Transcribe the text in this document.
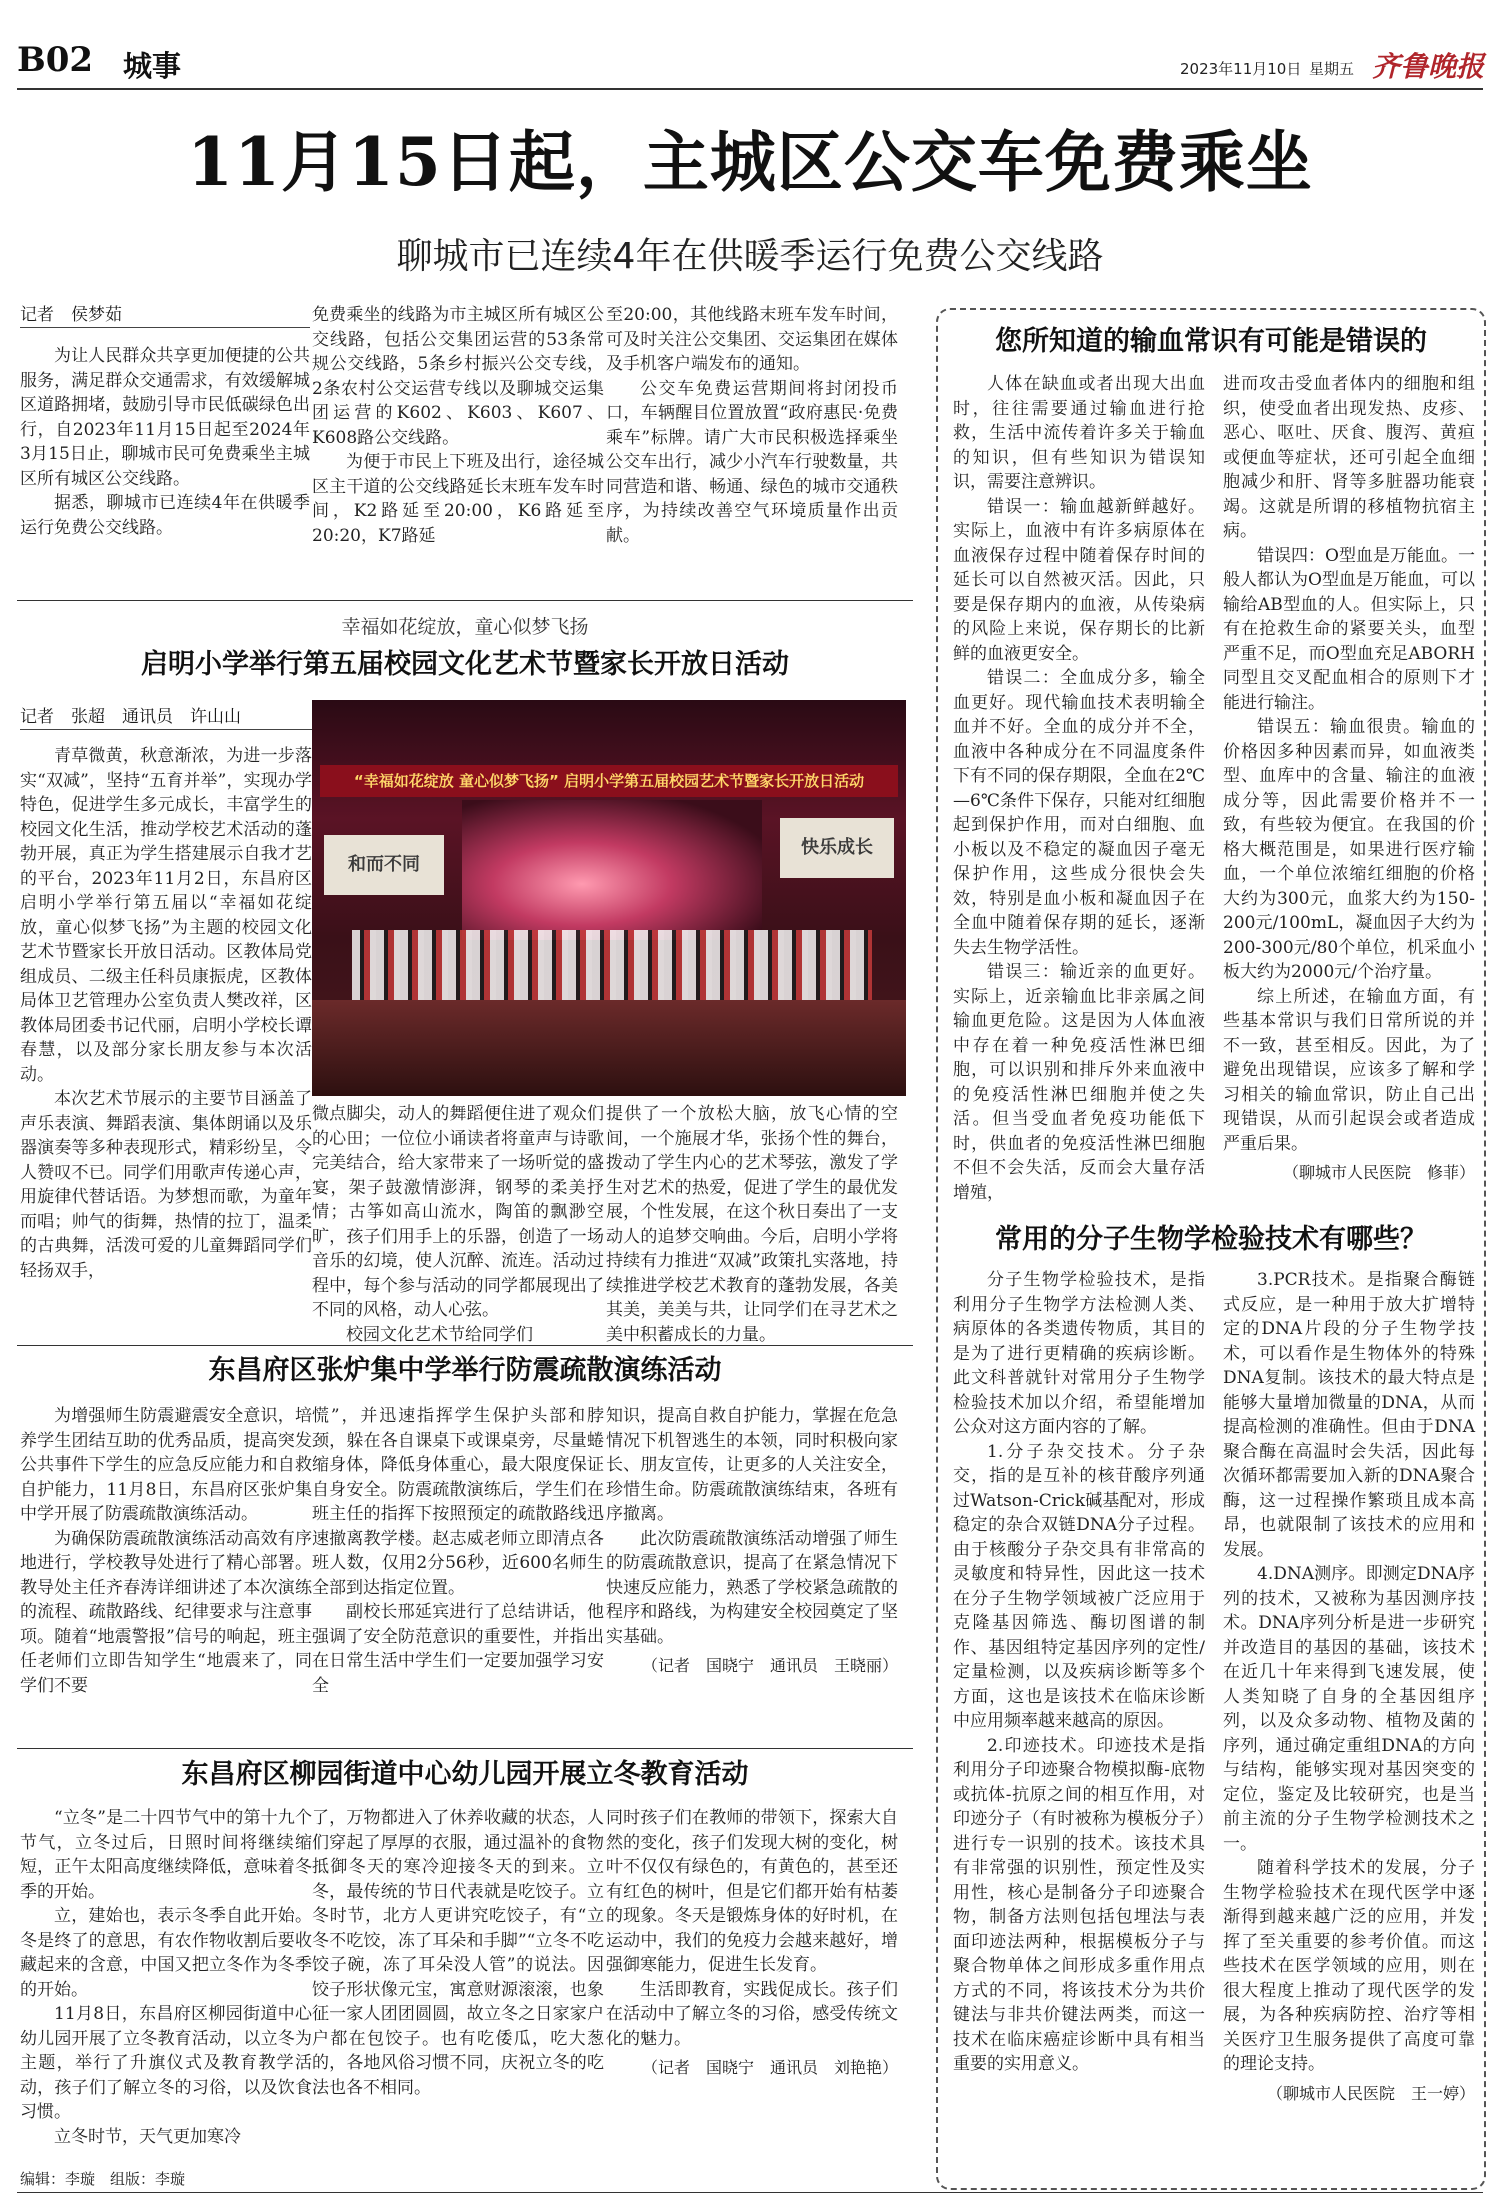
B02 城事	2023年11月10日 星期五 齐鲁晚报
11月15日起，主城区公交车免费乘坐
聊城市已连续4年在供暖季运行免费公交线路
记者　侯梦茹

为让人民群众共享更加便捷的公共服务，满足群众交通需求，有效缓解城区道路拥堵，鼓励引导市民低碳绿色出行，自2023年11月15日起至2024年3月15日止，聊城市民可免费乘坐主城区所有城区公交线路。

据悉，聊城市已连续4年在供暖季运行免费公交线路。

免费乘坐的线路为市主城区所有城区公交线路，包括公交集团运营的53条常规公交线路，5条乡村振兴公交专线，2条农村公交运营专线以及聊城交运集团运营的K602、K603、K607、K608路公交线路。

为便于市民上下班及出行，途径城区主干道的公交线路延长末班车发车时间，K2路延至20:00，K6路延至20:20，K7路延

至20:00，其他线路末班车发车时间，可及时关注公交集团、交运集团在媒体及手机客户端发布的通知。

公交车免费运营期间将封闭投币口，车辆醒目位置放置“政府惠民·免费乘车”标牌。请广大市民积极选择乘坐公交车出行，减少小汽车行驶数量，共同营造和谐、畅通、绿色的城市交通秩序，为持续改善空气环境质量作出贡献。

幸福如花绽放，童心似梦飞扬
启明小学举行第五届校园文化艺术节暨家长开放日活动
记者　张超　通讯员　许山山
“幸福如花绽放 童心似梦飞扬” 启明小学第五届校园艺术节暨家长开放日活动
和而不同
快乐成长

青草微黄，秋意渐浓，为进一步落实“双减”，坚持“五育并举”，实现办学特色，促进学生多元成长，丰富学生的校园文化生活，推动学校艺术活动的蓬勃开展，真正为学生搭建展示自我才艺的平台，2023年11月2日，东昌府区启明小学举行第五届以“幸福如花绽放，童心似梦飞扬”为主题的校园文化艺术节暨家长开放日活动。区教体局党组成员、二级主任科员康振虎，区教体局体卫艺管理办公室负责人樊改祥，区教体局团委书记代丽，启明小学校长谭春慧，以及部分家长朋友参与本次活动。

本次艺术节展示的主要节目涵盖了声乐表演、舞蹈表演、集体朗诵以及乐器演奏等多种表现形式，精彩纷呈，令人赞叹不已。同学们用歌声传递心声，用旋律代替话语。为梦想而歌，为童年而唱；帅气的街舞，热情的拉丁，温柔的古典舞，活泼可爱的儿童舞蹈同学们轻扬双手，

微点脚尖，动人的舞蹈便住进了观众们的心田；一位位小诵读者将童声与诗歌完美结合，给大家带来了一场听觉的盛宴，架子鼓激情澎湃，钢琴的柔美抒情；古筝如高山流水，陶笛的飘渺空旷，孩子们用手上的乐器，创造了一场音乐的幻境，使人沉醉、流连。活动过程中，每个参与活动的同学都展现出了不同的风格，动人心弦。

校园文化艺术节给同学们

提供了一个放松大脑，放飞心情的空间，一个施展才华，张扬个性的舞台，拨动了学生内心的艺术琴弦，激发了学生对艺术的热爱，促进了学生的最优发展，个性发展，在这个秋日奏出了一支动人的追梦交响曲。今后，启明小学将持续有力推进“双减”政策扎实落地，持续推进学校艺术教育的蓬勃发展，各美其美，美美与共，让同学们在寻艺术之美中积蓄成长的力量。

东昌府区张炉集中学举行防震疏散演练活动

为增强师生防震避震安全意识，培养学生团结互助的优秀品质，提高突发公共事件下学生的应急反应能力和自救自护能力，11月8日，东昌府区张炉集中学开展了防震疏散演练活动。

为确保防震疏散演练活动高效有序地进行，学校教导处进行了精心部署。教导处主任齐春涛详细讲述了本次演练的流程、疏散路线、纪律要求与注意事项。随着“地震警报”信号的响起，班主任老师们立即告知学生“地震来了，同学们不要

慌”，并迅速指挥学生保护头部和脖颈，躲在各自课桌下或课桌旁，尽量蜷缩身体，降低身体重心，最大限度保证自身安全。防震疏散演练后，学生们在班主任的指挥下按照预定的疏散路线迅速撤离教学楼。赵志威老师立即清点各班人数，仅用2分56秒，近600名师生全部到达指定位置。

副校长邢延宾进行了总结讲话，他强调了安全防范意识的重要性，并指出在日常生活中学生们一定要加强学习安全

知识，提高自救自护能力，掌握在危急情况下机智逃生的本领，同时积极向家长、朋友宣传，让更多的人关注安全，珍惜生命。防震疏散演练结束，各班有序撤离。

此次防震疏散演练活动增强了师生的防震疏散意识，提高了在紧急情况下快速反应能力，熟悉了学校紧急疏散的程序和路线，为构建安全校园奠定了坚实基础。

（记者　国晓宁　通讯员　王晓丽）
东昌府区柳园街道中心幼儿园开展立冬教育活动

“立冬”是二十四节气中的第十九个节气，立冬过后，日照时间将继续缩短，正午太阳高度继续降低，意味着冬季的开始。

立，建始也，表示冬季自此开始。冬是终了的意思，有农作物收割后要收藏起来的含意，中国又把立冬作为冬季的开始。

11月8日，东昌府区柳园街道中心幼儿园开展了立冬教育活动，以立冬为主题，举行了升旗仪式及教育教学活动，孩子们了解立冬的习俗，以及饮食习惯。

立冬时节，天气更加寒冷

了，万物都进入了休养收藏的状态，人们穿起了厚厚的衣服，通过温补的食物抵御冬天的寒冷迎接冬天的到来。立冬，最传统的节日代表就是吃饺子。立冬时节，北方人更讲究吃饺子，有“立冬不吃饺，冻了耳朵和手脚”“立冬不吃饺子碗，冻了耳朵没人管”的说法。因饺子形状像元宝，寓意财源滚滚，也象征一家人团团圆圆，故立冬之日家家户户都在包饺子。也有吃倭瓜，吃大葱的，各地风俗习惯不同，庆祝立冬的吃法也各不相同。

同时孩子们在教师的带领下，探索大自然的变化，孩子们发现大树的变化，树叶不仅仅有绿色的，有黄色的，甚至还有红色的树叶，但是它们都开始有枯萎的现象。冬天是锻炼身体的好时机，在运动中，我们的免疫力会越来越好，增强御寒能力，促进生长发育。

生活即教育，实践促成长。孩子们在活动中了解立冬的习俗，感受传统文化的魅力。

（记者　国晓宁　通讯员　刘艳艳）
您所知道的输血常识有可能是错误的

人体在缺血或者出现大出血时，往往需要通过输血进行抢救，生活中流传着许多关于输血的知识，但有些知识为错误知识，需要注意辨识。

错误一：输血越新鲜越好。实际上，血液中有许多病原体在血液保存过程中随着保存时间的延长可以自然被灭活。因此，只要是保存期内的血液，从传染病的风险上来说，保存期长的比新鲜的血液更安全。

错误二：全血成分多，输全血更好。现代输血技术表明输全血并不好。全血的成分并不全，血液中各种成分在不同温度条件下有不同的保存期限，全血在2℃—6℃条件下保存，只能对红细胞起到保护作用，而对白细胞、血小板以及不稳定的凝血因子毫无保护作用，这些成分很快会失效，特别是血小板和凝血因子在全血中随着保存期的延长，逐渐失去生物学活性。

错误三：输近亲的血更好。实际上，近亲输血比非亲属之间输血更危险。这是因为人体血液中存在着一种免疫活性淋巴细胞，可以识别和排斥外来血液中的免疫活性淋巴细胞并使之失活。但当受血者免疫功能低下时，供血者的免疫活性淋巴细胞不但不会失活，反而会大量存活增殖，

进而攻击受血者体内的细胞和组织，使受血者出现发热、皮疹、恶心、呕吐、厌食、腹泻、黄疸或便血等症状，还可引起全血细胞减少和肝、肾等多脏器功能衰竭。这就是所谓的移植物抗宿主病。

错误四：O型血是万能血。一般人都认为O型血是万能血，可以输给AB型血的人。但实际上，只有在抢救生命的紧要关头，血型严重不足，而O型血充足ABORH同型且交叉配血相合的原则下才能进行输注。

错误五：输血很贵。输血的价格因多种因素而异，如血液类型、血库中的含量、输注的血液成分等，因此需要价格并不一致，有些较为便宜。在我国的价格大概范围是，如果进行医疗输血，一个单位浓缩红细胞的价格大约为300元，血浆大约为150-200元/100mL，凝血因子大约为200-300元/80个单位，机采血小板大约为2000元/个治疗量。

综上所述，在输血方面，有些基本常识与我们日常所说的并不一致，甚至相反。因此，为了避免出现错误，应该多了解和学习相关的输血常识，防止自己出现错误，从而引起误会或者造成严重后果。

（聊城市人民医院　修菲）
常用的分子生物学检验技术有哪些？

分子生物学检验技术，是指利用分子生物学方法检测人类、病原体的各类遗传物质，其目的是为了进行更精确的疾病诊断。此文科普就针对常用分子生物学检验技术加以介绍，希望能增加公众对这方面内容的了解。

1.分子杂交技术。分子杂交，指的是互补的核苷酸序列通过Watson-Crick碱基配对，形成稳定的杂合双链DNA分子过程。由于核酸分子杂交具有非常高的灵敏度和特异性，因此这一技术在分子生物学领域被广泛应用于克隆基因筛选、酶切图谱的制作、基因组特定基因序列的定性/定量检测，以及疾病诊断等多个方面，这也是该技术在临床诊断中应用频率越来越高的原因。

2.印迹技术。印迹技术是指利用分子印迹聚合物模拟酶-底物或抗体-抗原之间的相互作用，对印迹分子（有时被称为模板分子）进行专一识别的技术。该技术具有非常强的识别性，预定性及实用性，核心是制备分子印迹聚合物，制备方法则包括包埋法与表面印迹法两种，根据模板分子与聚合物单体之间形成多重作用点方式的不同，将该技术分为共价键法与非共价键法两类，而这一技术在临床癌症诊断中具有相当重要的实用意义。

3.PCR技术。是指聚合酶链式反应，是一种用于放大扩增特定的DNA片段的分子生物学技术，可以看作是生物体外的特殊DNA复制。该技术的最大特点是能够大量增加微量的DNA，从而提高检测的准确性。但由于DNA聚合酶在高温时会失活，因此每次循环都需要加入新的DNA聚合酶，这一过程操作繁琐且成本高昂，也就限制了该技术的应用和发展。

4.DNA测序。即测定DNA序列的技术，又被称为基因测序技术。DNA序列分析是进一步研究并改造目的基因的基础，该技术在近几十年来得到飞速发展，使人类知晓了自身的全基因组序列，以及众多动物、植物及菌的序列，通过确定重组DNA的方向与结构，能够实现对基因突变的定位，鉴定及比较研究，也是当前主流的分子生物学检测技术之一。

随着科学技术的发展，分子生物学检验技术在现代医学中逐渐得到越来越广泛的应用，并发挥了至关重要的参考价值。而这些技术在医学领域的应用，则在很大程度上推动了现代医学的发展，为各种疾病防控、治疗等相关医疗卫生服务提供了高度可靠的理论支持。

（聊城市人民医院　王一婷）
编辑：李璇　组版：李璇
